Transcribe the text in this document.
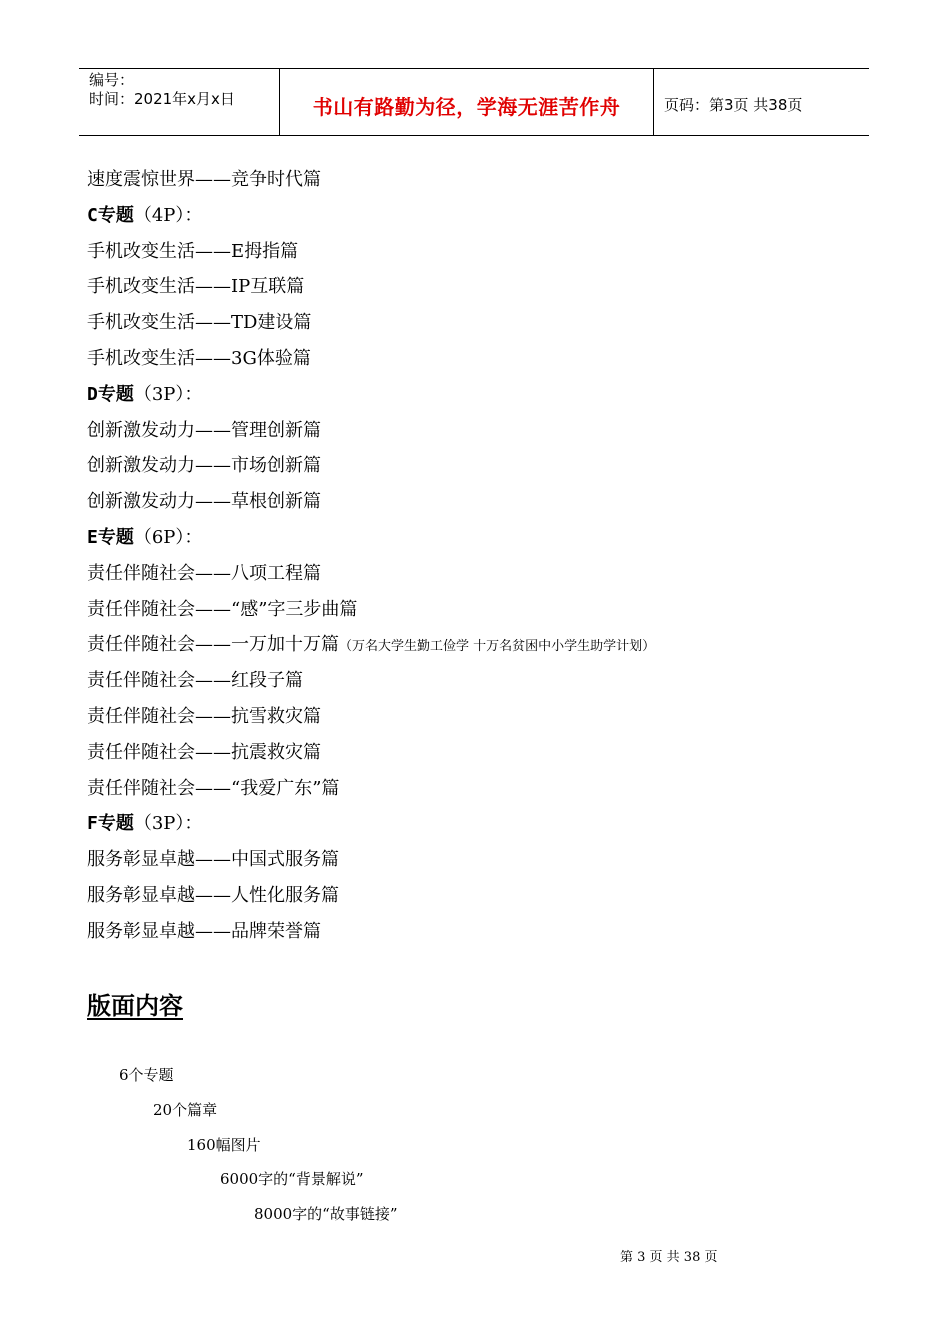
编号：
时间：2021年x月x日	书山有路勤为径，学海无涯苦作舟	页码：第3页 共38页
速度震惊世界——竞争时代篇
C专题（4P）：
手机改变生活——E拇指篇
手机改变生活——IP互联篇
手机改变生活——TD建设篇
手机改变生活——3G体验篇
D专题（3P）：
创新激发动力——管理创新篇
创新激发动力——市场创新篇
创新激发动力——草根创新篇
E专题（6P）：
责任伴随社会——八项工程篇
责任伴随社会——“感”字三步曲篇
责任伴随社会——一万加十万篇（万名大学生勤工俭学 十万名贫困中小学生助学计划）
责任伴随社会——红段子篇
责任伴随社会——抗雪救灾篇
责任伴随社会——抗震救灾篇
责任伴随社会——“我爱广东”篇
F专题（3P）：
服务彰显卓越——中国式服务篇
服务彰显卓越——人性化服务篇
服务彰显卓越——品牌荣誉篇
版面内容
6个专题
20个篇章
160幅图片
6000字的“背景解说”
8000字的“故事链接”
第 3 页 共 38 页
